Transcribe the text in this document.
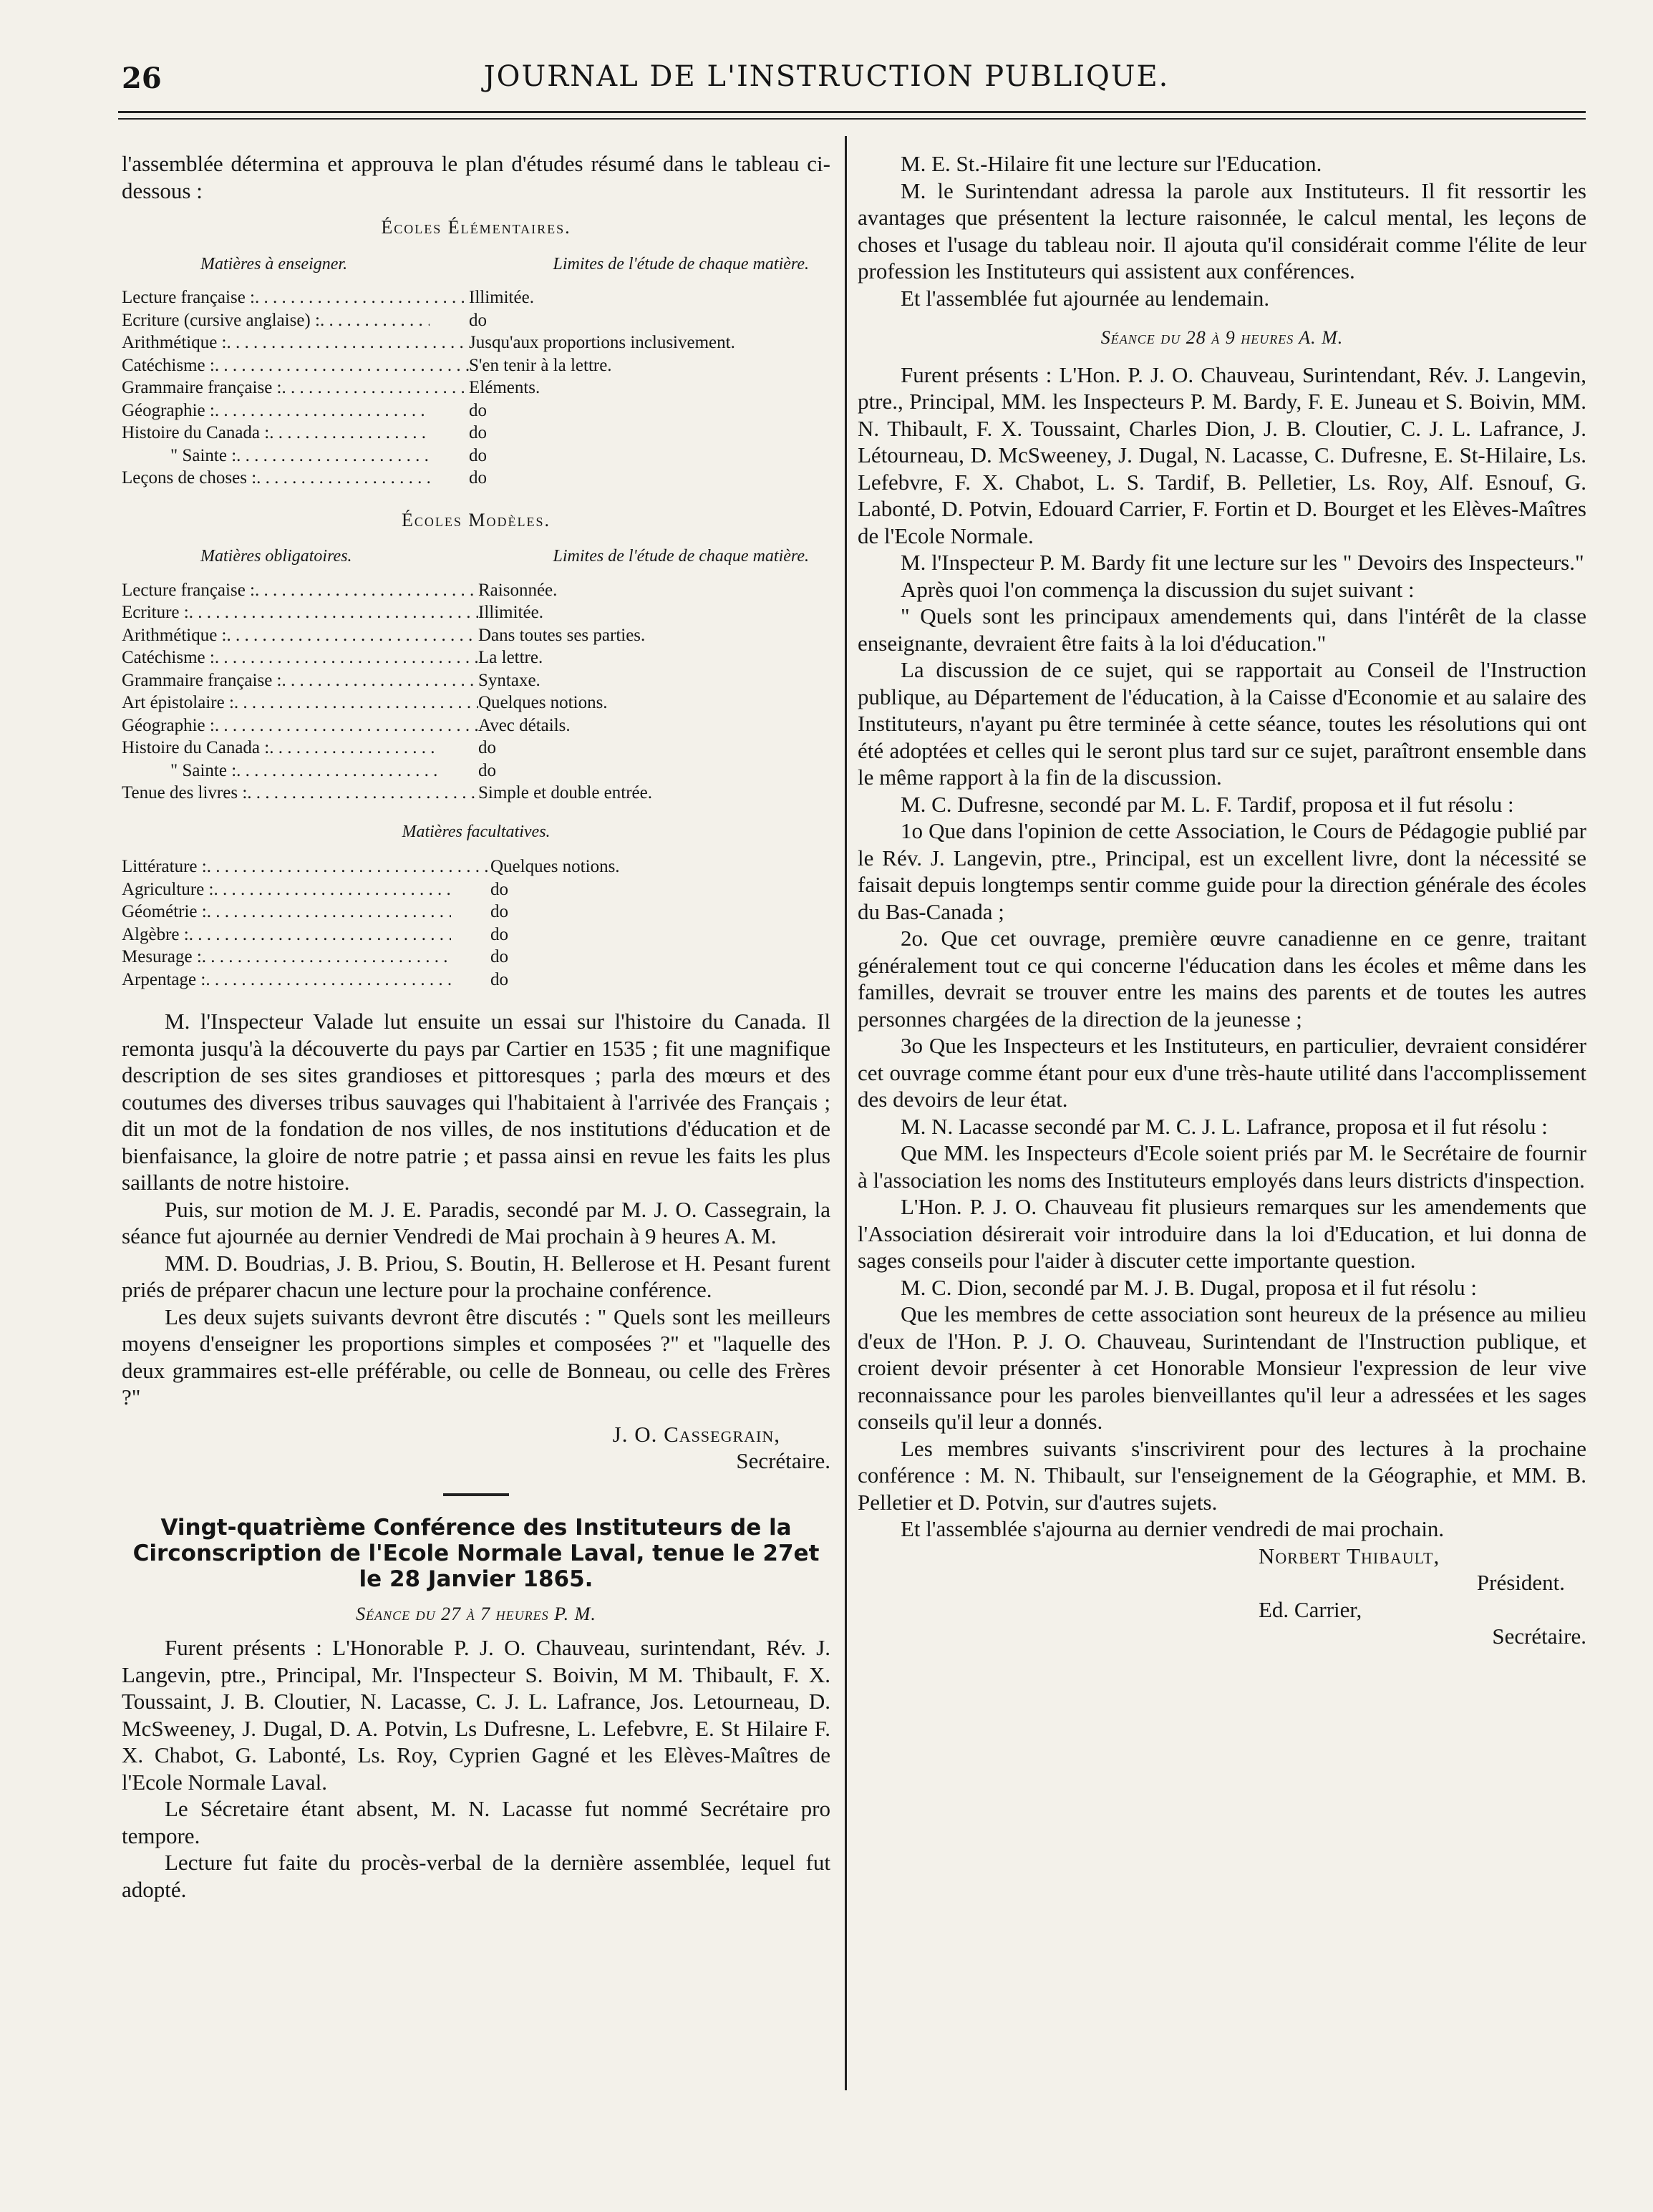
26	JOURNAL DE L'INSTRUCTION PUBLIQUE.

l'assemblée détermina et approuva le plan d'études résumé dans le tableau ci-dessous :

Écoles Élémentaires.
Matières à enseigner.	Limites de l'étude de chaque matière.
Lecture française : . . .	Illimitée.
Ecriture (cursive anglaise) : . . .	do
Arithmétique : . . .	Jusqu'aux proportions inclusivement.
Catéchisme : . . .	S'en tenir à la lettre.
Grammaire française : . . .	Eléments.
Géographie : . . .	do
Histoire du Canada : . . .	do
" Sainte : . . .	do
Leçons de choses : . . .	do
Écoles Modèles.
Matières obligatoires.	Limites de l'étude de chaque matière.
Lecture française : . . .	Raisonnée.
Ecriture : . . .	Illimitée.
Arithmétique : . . .	Dans toutes ses parties.
Catéchisme : . . .	La lettre.
Grammaire française : . . .	Syntaxe.
Art épistolaire : . . .	Quelques notions.
Géographie : . . .	Avec détails.
Histoire du Canada : . . .	do
" Sainte : . . .	do
Tenue des livres : . . .	Simple et double entrée.
Matières facultatives.
Littérature : . . .	Quelques notions.
Agriculture : . . .	do
Géométrie : . . .	do
Algèbre : . . .	do
Mesurage : . . .	do
Arpentage : . . .	do

M. l'Inspecteur Valade lut ensuite un essai sur l'histoire du Canada. Il remonta jusqu'à la découverte du pays par Cartier en 1535 ; fit une magnifique description de ses sites grandioses et pittoresques ; parla des mœurs et des coutumes des diverses tribus sauvages qui l'habitaient à l'arrivée des Français ; dit un mot de la fondation de nos villes, de nos institutions d'éducation et de bienfaisance, la gloire de notre patrie ; et passa ainsi en revue les faits les plus saillants de notre histoire.

Puis, sur motion de M. J. E. Paradis, secondé par M. J. O. Cassegrain, la séance fut ajournée au dernier Vendredi de Mai prochain à 9 heures A. M.

MM. D. Boudrias, J. B. Priou, S. Boutin, H. Bellerose et H. Pesant furent priés de préparer chacun une lecture pour la prochaine conférence.

Les deux sujets suivants devront être discutés : " Quels sont les meilleurs moyens d'enseigner les proportions simples et composées ?" et "laquelle des deux grammaires est-elle préférable, ou celle de Bonneau, ou celle des Frères ?"

J. O. Cassegrain,
Secrétaire.
Vingt-quatrième Conférence des Instituteurs de la Circonscription de l'Ecole Normale Laval, tenue le 27et le 28 Janvier 1865.
Séance du 27 à 7 heures P. M.

Furent présents : L'Honorable P. J. O. Chauveau, surintendant, Rév. J. Langevin, ptre., Principal, Mr. l'Inspecteur S. Boivin, M M. Thibault, F. X. Toussaint, J. B. Cloutier, N. Lacasse, C. J. L. Lafrance, Jos. Letourneau, D. McSweeney, J. Dugal, D. A. Potvin, Ls Dufresne, L. Lefebvre, E. St Hilaire F. X. Chabot, G. Labonté, Ls. Roy, Cyprien Gagné et les Elèves-Maîtres de l'Ecole Normale Laval.

Le Sécretaire étant absent, M. N. Lacasse fut nommé Secrétaire pro tempore.

Lecture fut faite du procès-verbal de la dernière assemblée, lequel fut adopté.

M. E. St.-Hilaire fit une lecture sur l'Education.

M. le Surintendant adressa la parole aux Instituteurs. Il fit ressortir les avantages que présentent la lecture raisonnée, le calcul mental, les leçons de choses et l'usage du tableau noir. Il ajouta qu'il considérait comme l'élite de leur profession les Instituteurs qui assistent aux conférences.

Et l'assemblée fut ajournée au lendemain.

Séance du 28 à 9 heures A. M.

Furent présents : L'Hon. P. J. O. Chauveau, Surintendant, Rév. J. Langevin, ptre., Principal, MM. les Inspecteurs P. M. Bardy, F. E. Juneau et S. Boivin, MM. N. Thibault, F. X. Toussaint, Charles Dion, J. B. Cloutier, C. J. L. Lafrance, J. Létourneau, D. McSweeney, J. Dugal, N. Lacasse, C. Dufresne, E. St-Hilaire, Ls. Lefebvre, F. X. Chabot, L. S. Tardif, B. Pelletier, Ls. Roy, Alf. Esnouf, G. Labonté, D. Potvin, Edouard Carrier, F. Fortin et D. Bourget et les Elèves-Maîtres de l'Ecole Normale.

M. l'Inspecteur P. M. Bardy fit une lecture sur les " Devoirs des Inspecteurs."

Après quoi l'on commença la discussion du sujet suivant :

" Quels sont les principaux amendements qui, dans l'intérêt de la classe enseignante, devraient être faits à la loi d'éducation."

La discussion de ce sujet, qui se rapportait au Conseil de l'Instruction publique, au Département de l'éducation, à la Caisse d'Economie et au salaire des Instituteurs, n'ayant pu être terminée à cette séance, toutes les résolutions qui ont été adoptées et celles qui le seront plus tard sur ce sujet, paraîtront ensemble dans le même rapport à la fin de la discussion.

M. C. Dufresne, secondé par M. L. F. Tardif, proposa et il fut résolu :

1o Que dans l'opinion de cette Association, le Cours de Pédagogie publié par le Rév. J. Langevin, ptre., Principal, est un excellent livre, dont la nécessité se faisait depuis longtemps sentir comme guide pour la direction générale des écoles du Bas-Canada ;

2o. Que cet ouvrage, première œuvre canadienne en ce genre, traitant généralement tout ce qui concerne l'éducation dans les écoles et même dans les familles, devrait se trouver entre les mains des parents et de toutes les autres personnes chargées de la direction de la jeunesse ;

3o Que les Inspecteurs et les Instituteurs, en particulier, devraient considérer cet ouvrage comme étant pour eux d'une très-haute utilité dans l'accomplissement des devoirs de leur état.

M. N. Lacasse secondé par M. C. J. L. Lafrance, proposa et il fut résolu :

Que MM. les Inspecteurs d'Ecole soient priés par M. le Secrétaire de fournir à l'association les noms des Instituteurs employés dans leurs districts d'inspection.

L'Hon. P. J. O. Chauveau fit plusieurs remarques sur les amendements que l'Association désirerait voir introduire dans la loi d'Education, et lui donna de sages conseils pour l'aider à discuter cette importante question.

M. C. Dion, secondé par M. J. B. Dugal, proposa et il fut résolu :

Que les membres de cette association sont heureux de la présence au milieu d'eux de l'Hon. P. J. O. Chauveau, Surintendant de l'Instruction publique, et croient devoir présenter à cet Honorable Monsieur l'expression de leur vive reconnaissance pour les paroles bienveillantes qu'il leur a adressées et les sages conseils qu'il leur a donnés.

Les membres suivants s'inscrivirent pour des lectures à la prochaine conférence : M. N. Thibault, sur l'enseignement de la Géographie, et MM. B. Pelletier et D. Potvin, sur d'autres sujets.

Et l'assemblée s'ajourna au dernier vendredi de mai prochain.

Norbert Thibault,
Président.
Ed. Carrier,
Secrétaire.
